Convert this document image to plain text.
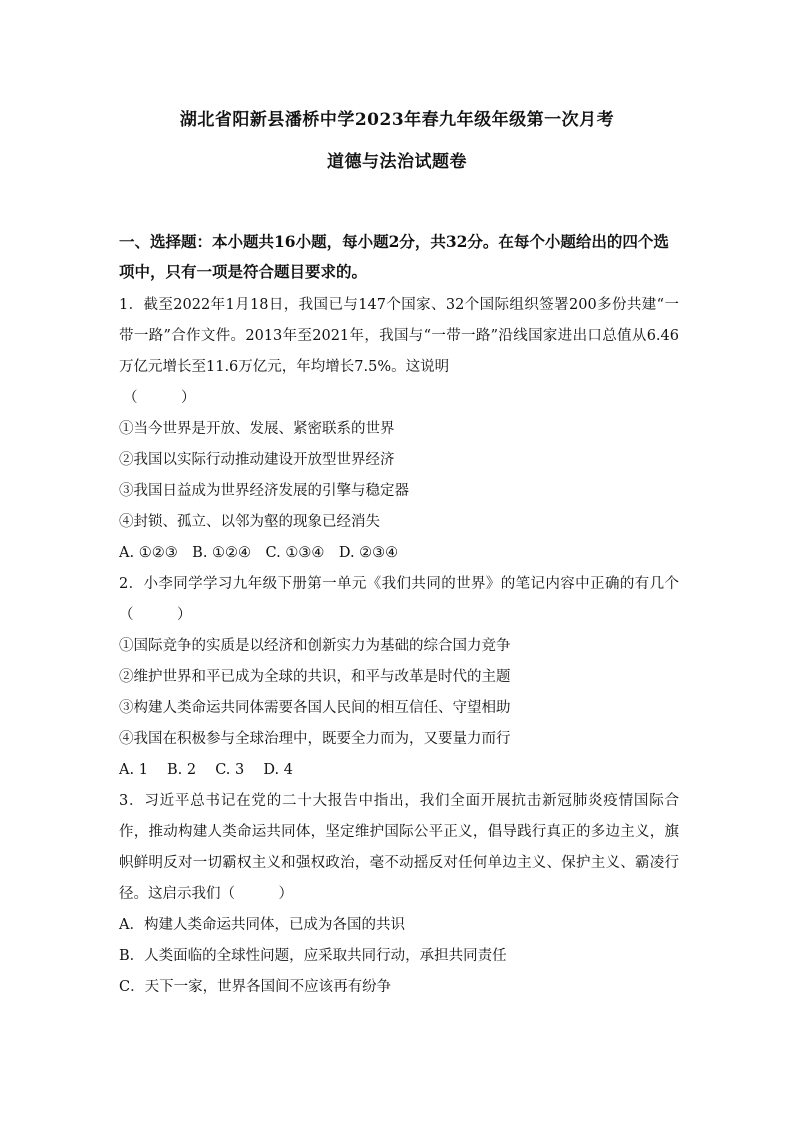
湖北省阳新县潘桥中学2023年春九年级年级第一次月考
道德与法治试题卷

一、选择题：本小题共16小题，每小题2分，共32分。在每个小题给出的四个选项中，只有一项是符合题目要求的。

1．截至2022年1月18日，我国已与147个国家、32个国际组织签署200多份共建“一带一路”合作文件。2013年至2021年，我国与“一带一路”沿线国家进出口总值从6.46万亿元增长至11.6万亿元，年均增长7.5%。这说明
（　　　）

①当今世界是开放、发展、紧密联系的世界

②我国以实际行动推动建设开放型世界经济

③我国日益成为世界经济发展的引擎与稳定器

④封锁、孤立、以邻为壑的现象已经消失

A. ①②③　B. ①②④　C. ①③④　D. ②③④

2．小李同学学习九年级下册第一单元《我们共同的世界》的笔记内容中正确的有几个（　　　）

①国际竞争的实质是以经济和创新实力为基础的综合国力竞争

②维护世界和平已成为全球的共识，和平与改革是时代的主题

③构建人类命运共同体需要各国人民间的相互信任、守望相助

④我国在积极参与全球治理中，既要全力而为，又要量力而行

A. 1　 B. 2　 C. 3　 D. 4

3．习近平总书记在党的二十大报告中指出，我们全面开展抗击新冠肺炎疫情国际合作，推动构建人类命运共同体，坚定维护国际公平正义，倡导践行真正的多边主义，旗帜鲜明反对一切霸权主义和强权政治，毫不动摇反对任何单边主义、保护主义、霸凌行径。这启示我们（　　　）

A．构建人类命运共同体，已成为各国的共识

B．人类面临的全球性问题，应采取共同行动，承担共同责任

C．天下一家，世界各国间不应该再有纷争
